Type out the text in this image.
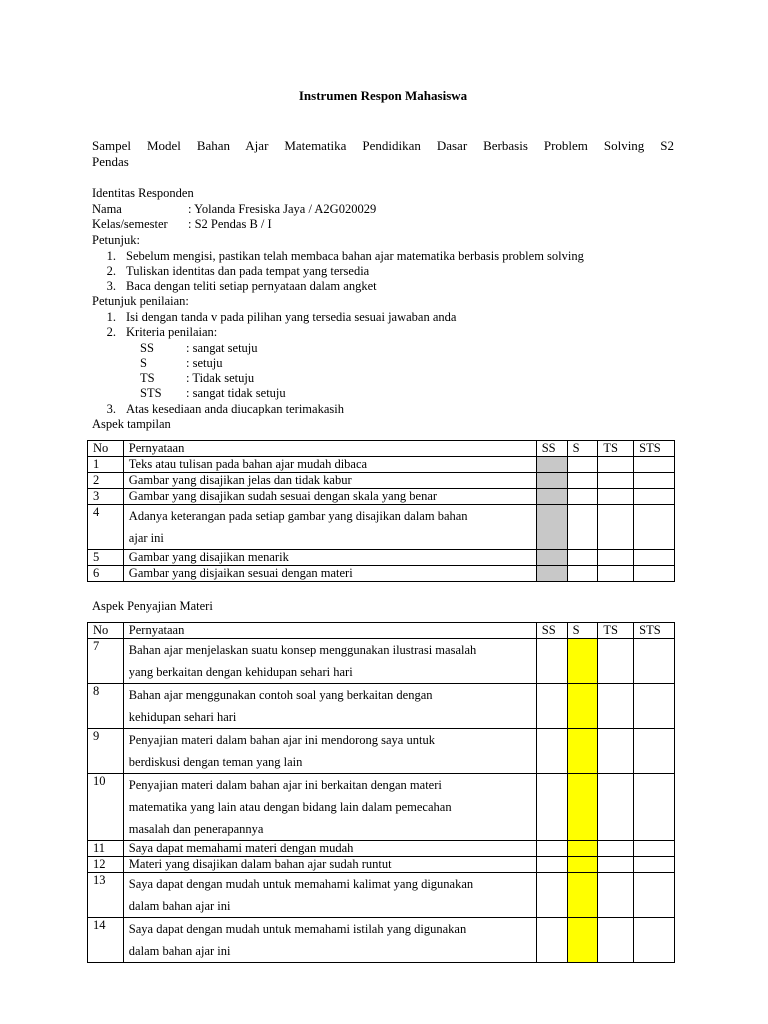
Instrumen Respon Mahasiswa
Sampel Model Bahan Ajar Matematika Pendidikan Dasar Berbasis Problem Solving S2
Pendas
Identitas Responden
Nama	: Yolanda Fresiska Jaya / A2G020029
Kelas/semester : S2 Pendas B / I
Petunjuk:
1. Sebelum mengisi, pastikan telah membaca bahan ajar matematika berbasis problem solving
2. Tuliskan identitas dan pada tempat yang tersedia
3. Baca dengan teliti setiap pernyataan dalam angket
Petunjuk penilaian:
1. Isi dengan tanda v pada pilihan yang tersedia sesuai jawaban anda
2. Kriteria penilaian:
SS	: sangat setuju
S	: setuju
TS	: Tidak setuju
STS : sangat tidak setuju
3. Atas kesediaan anda diucapkan terimakasih
Aspek tampilan
No	Pernyataan	SS	S	TS	STS
1	Teks atau tulisan pada bahan ajar mudah dibaca				
2	Gambar yang disajikan jelas dan tidak kabur				
3	Gambar yang disajikan sudah sesuai dengan skala yang benar				
4	Adanya keterangan pada setiap gambar yang disajikan dalam bahan
ajar ini				
5	Gambar yang disajikan menarik				
6	Gambar yang disjaikan sesuai dengan materi				
Aspek Penyajian Materi
No	Pernyataan	SS	S	TS	STS
7	Bahan ajar menjelaskan suatu konsep menggunakan ilustrasi masalah
yang berkaitan dengan kehidupan sehari hari				
8	Bahan ajar menggunakan contoh soal yang berkaitan dengan
kehidupan sehari hari				
9	Penyajian materi dalam bahan ajar ini mendorong saya untuk
berdiskusi dengan teman yang lain				
10	Penyajian materi dalam bahan ajar ini berkaitan dengan materi
matematika yang lain atau dengan bidang lain dalam pemecahan
masalah dan penerapannya				
11	Saya dapat memahami materi dengan mudah				
12	Materi yang disajikan dalam bahan ajar sudah runtut				
13	Saya dapat dengan mudah untuk memahami kalimat yang digunakan
dalam bahan ajar ini				
14	Saya dapat dengan mudah untuk memahami istilah yang digunakan
dalam bahan ajar ini				
